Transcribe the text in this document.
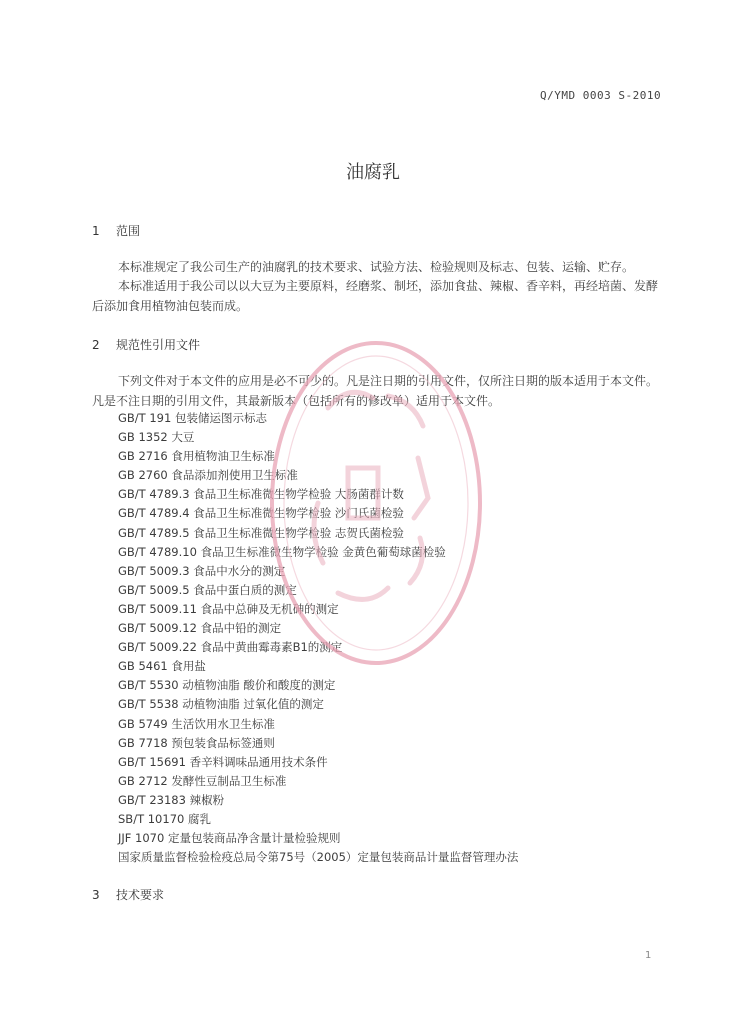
Q/YMD 0003 S-2010
油腐乳
1 范围
本标准规定了我公司生产的油腐乳的技术要求、试验方法、检验规则及标志、包装、运输、贮存。
本标准适用于我公司以以大豆为主要原料，经磨浆、制坯，添加食盐、辣椒、香辛料，再经培菌、发酵后添加食用植物油包装而成。
2 规范性引用文件
下列文件对于本文件的应用是必不可少的。凡是注日期的引用文件，仅所注日期的版本适用于本文件。凡是不注日期的引用文件，其最新版本（包括所有的修改单）适用于本文件。
GB/T 191 包装储运图示标志
GB 1352 大豆
GB 2716 食用植物油卫生标准
GB 2760 食品添加剂使用卫生标准
GB/T 4789.3 食品卫生标准微生物学检验 大肠菌群计数
GB/T 4789.4 食品卫生标准微生物学检验 沙门氏菌检验
GB/T 4789.5 食品卫生标准微生物学检验 志贺氏菌检验
GB/T 4789.10 食品卫生标准微生物学检验 金黄色葡萄球菌检验
GB/T 5009.3 食品中水分的测定
GB/T 5009.5 食品中蛋白质的测定
GB/T 5009.11 食品中总砷及无机砷的测定
GB/T 5009.12 食品中铅的测定
GB/T 5009.22 食品中黄曲霉毒素B1的测定
GB 5461 食用盐
GB/T 5530 动植物油脂 酸价和酸度的测定
GB/T 5538 动植物油脂 过氧化值的测定
GB 5749 生活饮用水卫生标准
GB 7718 预包装食品标签通则
GB/T 15691 香辛料调味品通用技术条件
GB 2712 发酵性豆制品卫生标准
GB/T 23183 辣椒粉
SB/T 10170 腐乳
JJF 1070 定量包装商品净含量计量检验规则
国家质量监督检验检疫总局令第75号（2005）定量包装商品计量监督管理办法
3 技术要求
1
